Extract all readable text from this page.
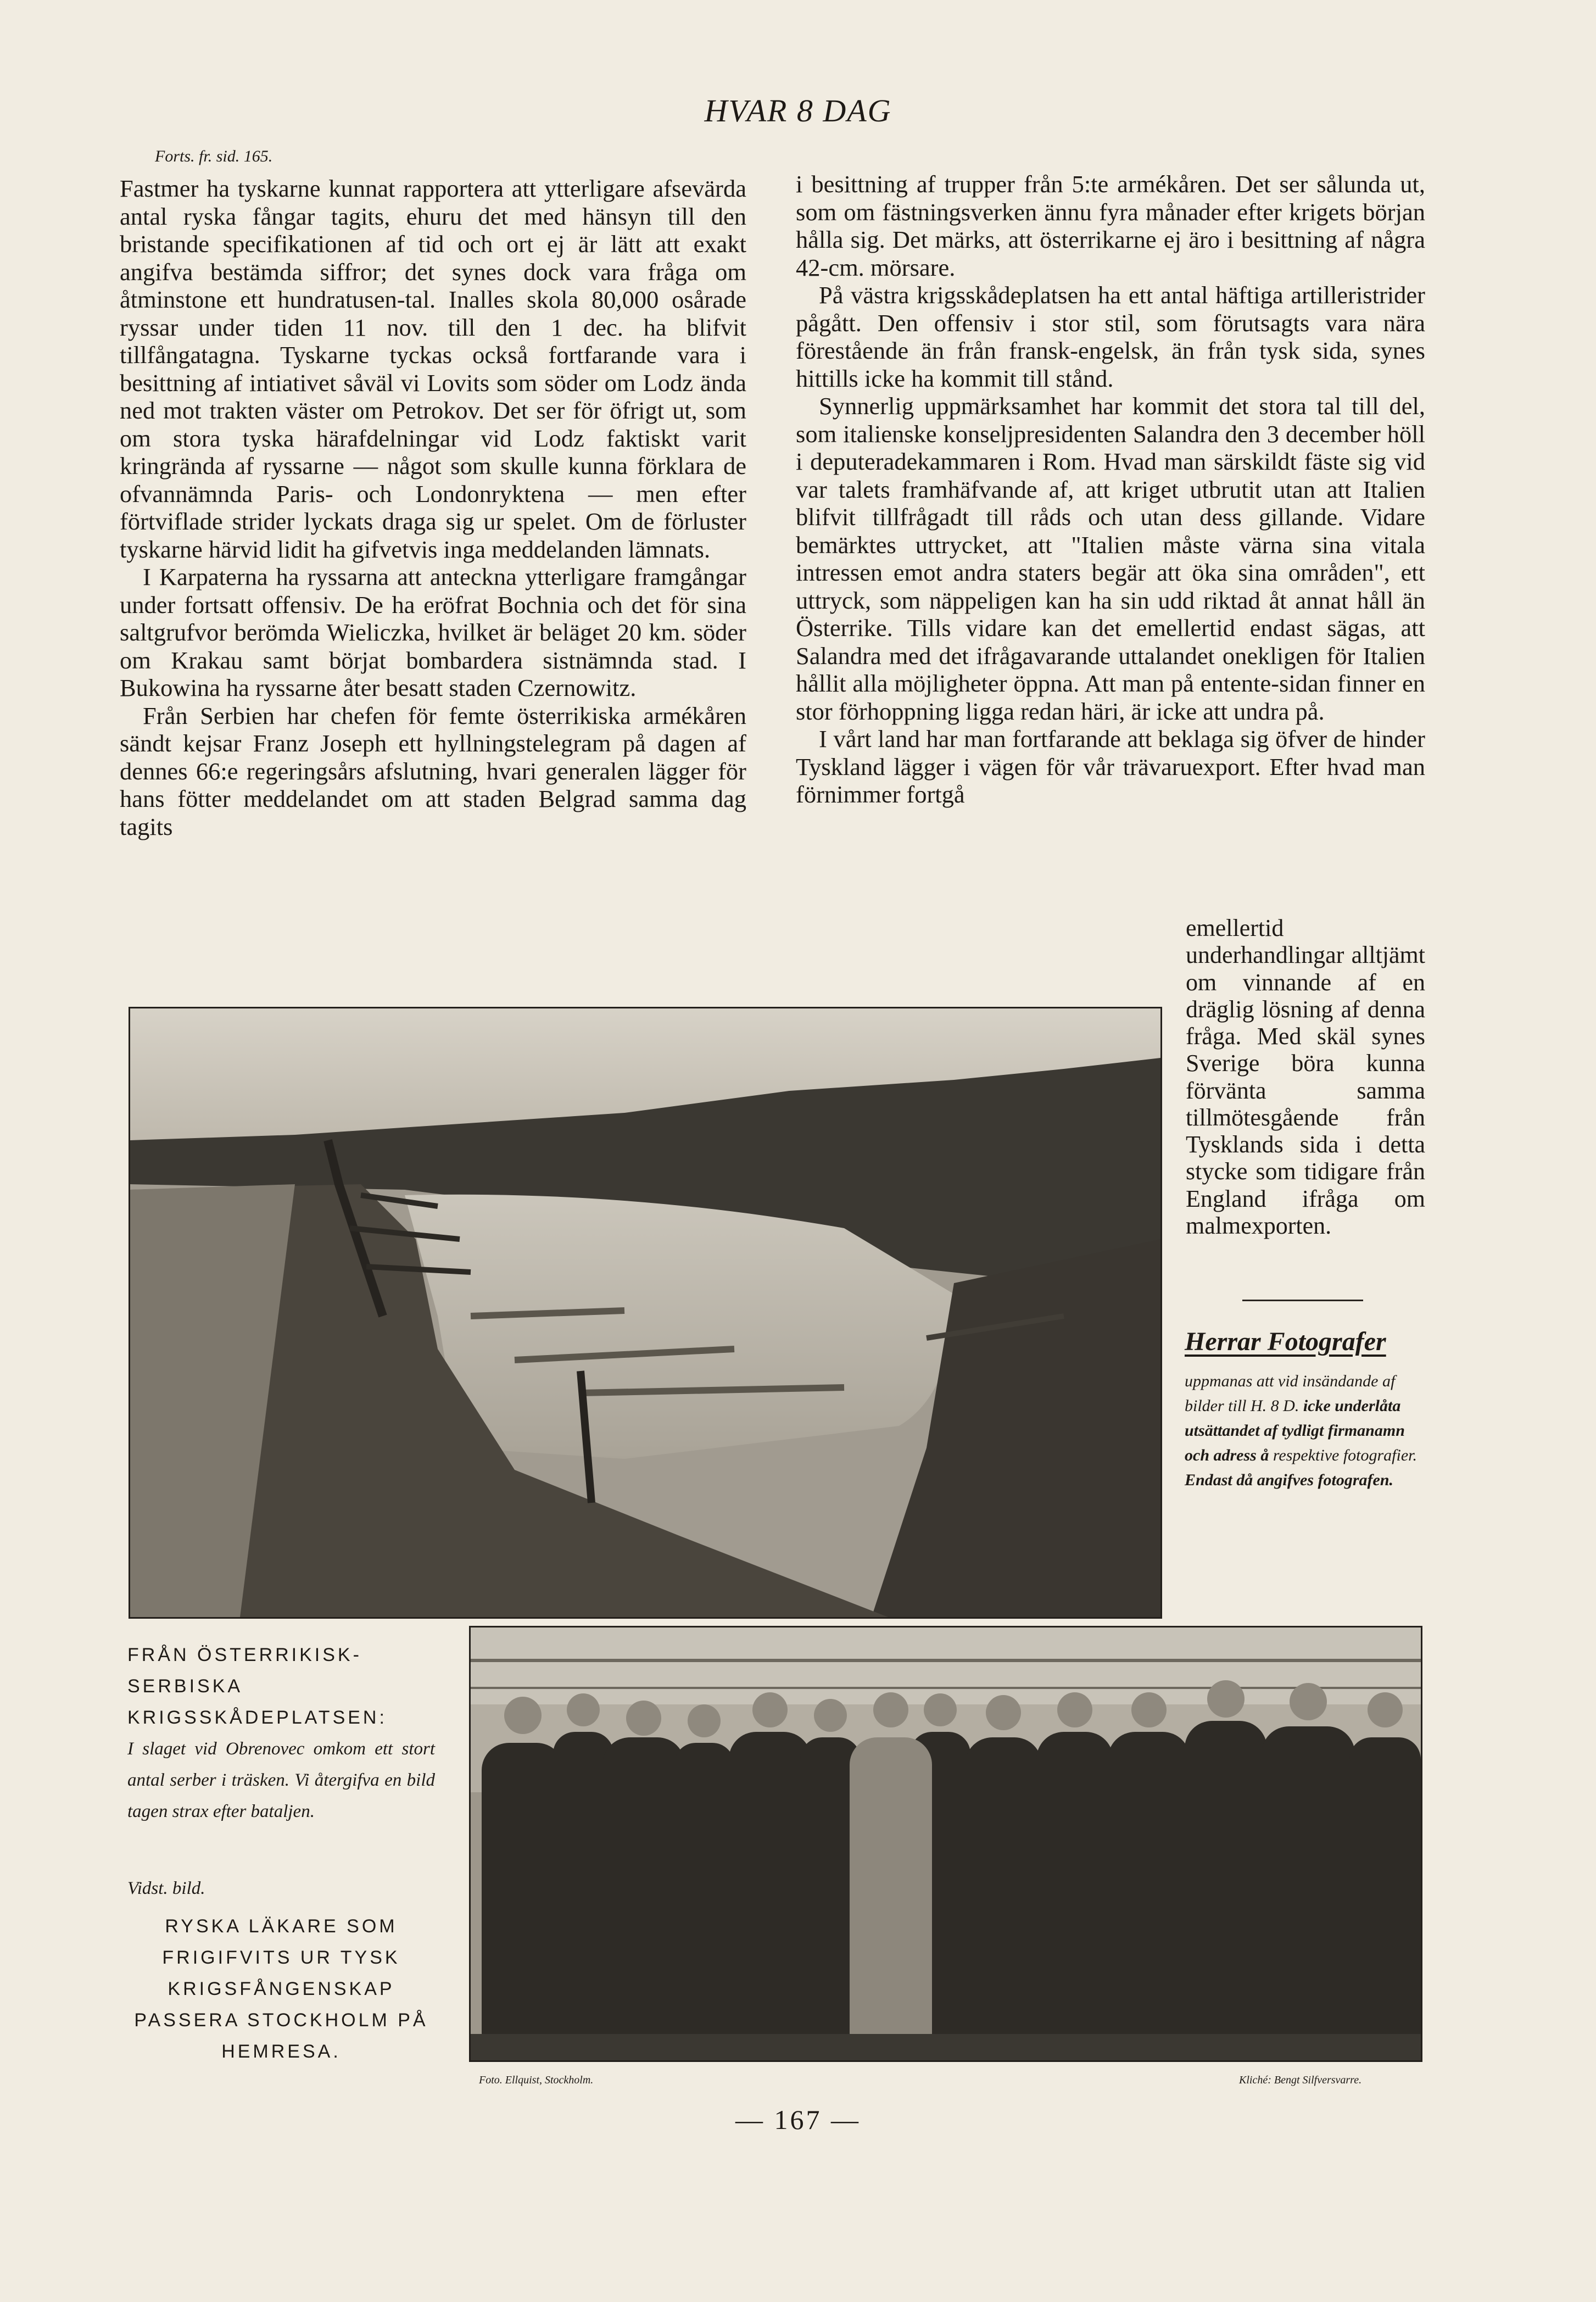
HVAR 8 DAG
Forts. fr. sid. 165.

Fastmer ha tyskarne kunnat rapportera att ytterligare afsevärda antal ryska fångar tagits, ehuru det med hänsyn till den bristande specifikationen af tid och ort ej är lätt att exakt angifva bestämda siffror; det synes dock vara fråga om åtminstone ett hundratusen-tal. Inalles skola 80,000 osårade ryssar under tiden 11 nov. till den 1 dec. ha blifvit tillfångatagna. Tyskarne tyckas också fortfarande vara i besittning af intiativet såväl vi Lovits som söder om Lodz ända ned mot trakten väster om Petrokov. Det ser för öfrigt ut, som om stora tyska härafdelningar vid Lodz faktiskt varit kringrända af ryssarne — något som skulle kunna förklara de ofvannämnda Paris- och Londonryktena — men efter förtviflade strider lyckats draga sig ur spelet. Om de förluster tyskarne härvid lidit ha gifvetvis inga meddelanden lämnats.

I Karpaterna ha ryssarna att anteckna ytterligare framgångar under fortsatt offensiv. De ha eröfrat Bochnia och det för sina saltgrufvor berömda Wieliczka, hvilket är beläget 20 km. söder om Krakau samt börjat bombardera sistnämnda stad. I Bukowina ha ryssarne åter besatt staden Czernowitz.

Från Serbien har chefen för femte österrikiska armékåren sändt kejsar Franz Joseph ett hyllningstelegram på dagen af dennes 66:e regeringsårs afslutning, hvari generalen lägger för hans fötter meddelandet om att staden Belgrad samma dag tagits

i besittning af trupper från 5:te armékåren. Det ser sålunda ut, som om fästningsverken ännu fyra månader efter krigets början hålla sig. Det märks, att österrikarne ej äro i besittning af några 42-cm. mörsare.

På västra krigsskådeplatsen ha ett antal häftiga artilleristrider pågått. Den offensiv i stor stil, som förutsagts vara nära förestående än från fransk-engelsk, än från tysk sida, synes hittills icke ha kommit till stånd.

Synnerlig uppmärksamhet har kommit det stora tal till del, som italienske konseljpresidenten Salandra den 3 december höll i deputeradekammaren i Rom. Hvad man särskildt fäste sig vid var talets framhäfvande af, att kriget utbrutit utan att Italien blifvit tillfrågadt till råds och utan dess gillande. Vidare bemärktes uttrycket, att "Italien måste värna sina vitala intressen emot andra staters begär att öka sina områden", ett uttryck, som näppeligen kan ha sin udd riktad åt annat håll än Österrike. Tills vidare kan det emellertid endast sägas, att Salandra med det ifrågavarande uttalandet onekligen för Italien hållit alla möjligheter öppna. Att man på entente-sidan finner en stor förhoppning ligga redan häri, är icke att undra på.

I vårt land har man fortfarande att beklaga sig öfver de hinder Tyskland lägger i vägen för vår trävaruexport. Efter hvad man förnimmer fortgå

emellertid underhandlingar alltjämt om vinnande af en dräglig lösning af denna fråga. Med skäl synes Sverige böra kunna förvänta samma tillmötesgående från Tysklands sida i detta stycke som tidigare från England ifråga om malmexporten.

Herrar Fotografer
uppmanas att vid insändande af bilder till H. 8 D. icke underlåta utsättandet af tydligt firmanamn och adress å respektive fotografier. Endast då angifves fotografen.
FRÅN ÖSTERRIKISK-SERBISKA KRIGSSKÅDEPLATSEN:
I slaget vid Obrenovec omkom ett stort antal serber i träsken. Vi återgifva en bild tagen strax efter bataljen.
Vidst. bild.
RYSKA LÄKARE SOM FRIGIFVITS UR TYSK KRIGSFÅNGENSKAP PASSERA STOCKHOLM PÅ HEMRESA.
Foto. Ellquist, Stockholm.	Kliché: Bengt Silfversvarre.
— 167 —
